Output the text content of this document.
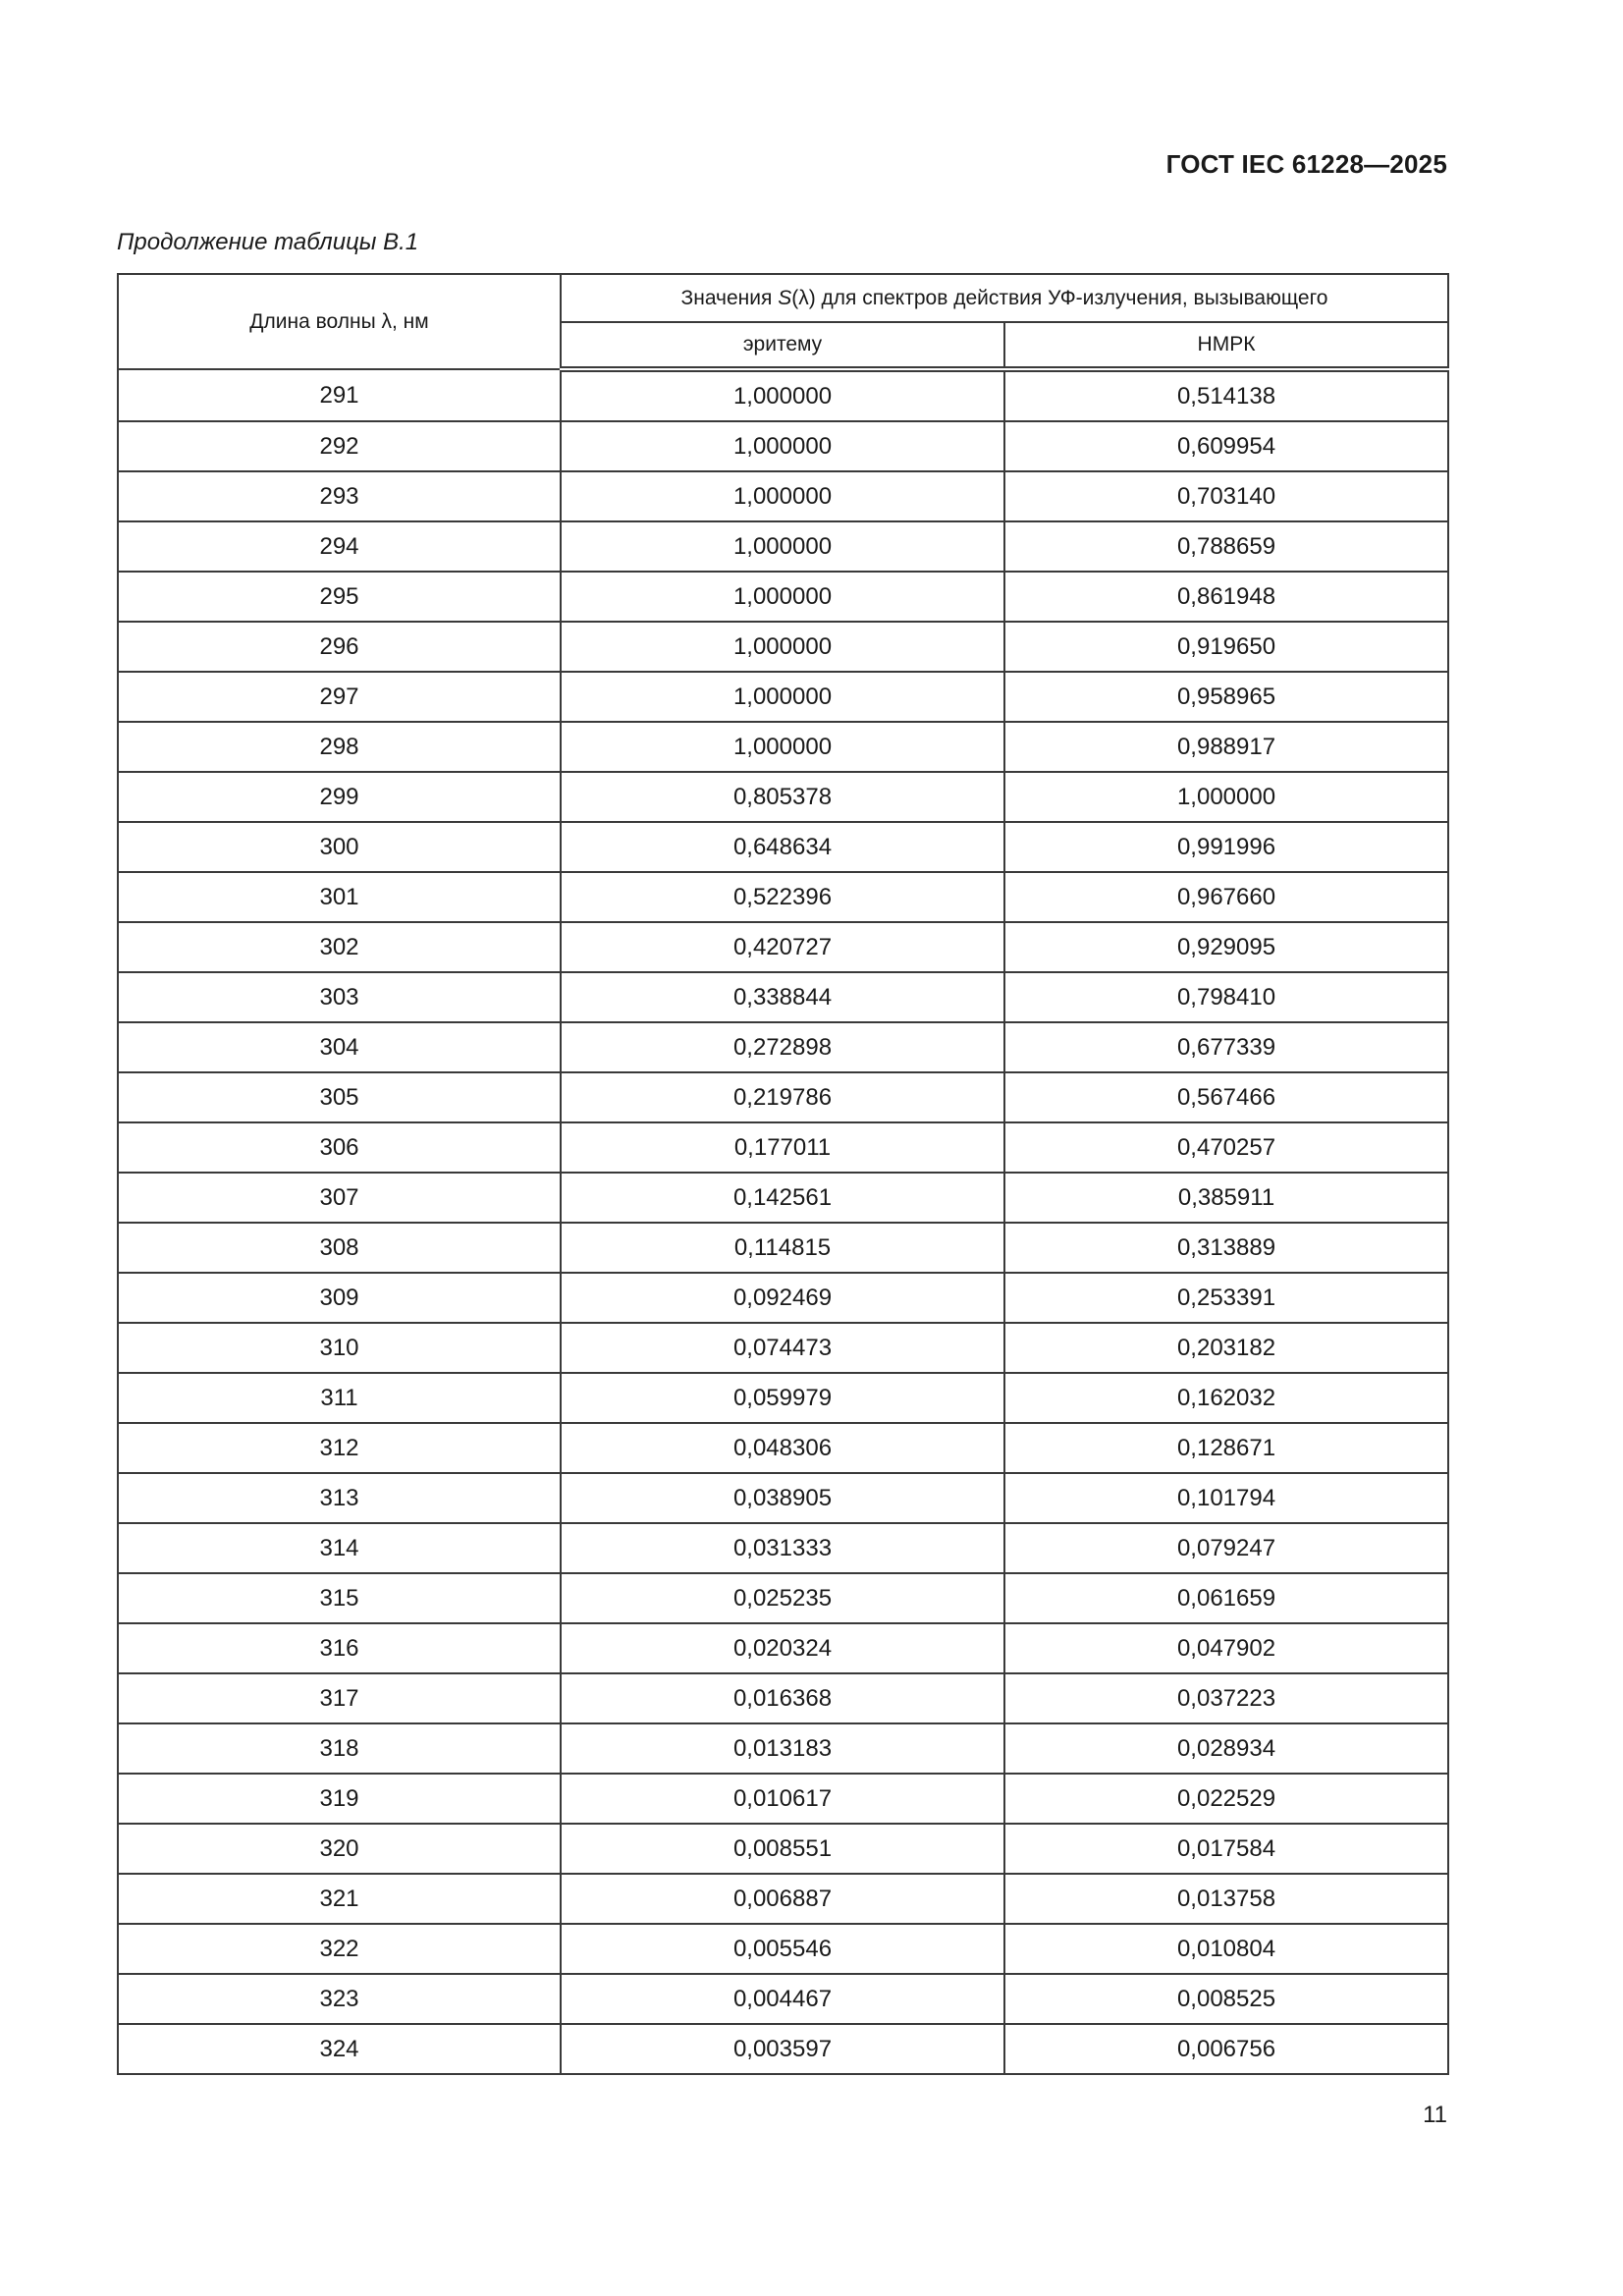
ГОСТ IEC 61228—2025
Продолжение таблицы В.1
Длина волны λ, нм	Значения S(λ) для спектров действия УФ-излучения, вызывающего	
	эритему	НМРК
291	1,000000	0,514138
292	1,000000	0,609954
293	1,000000	0,703140
294	1,000000	0,788659
295	1,000000	0,861948
296	1,000000	0,919650
297	1,000000	0,958965
298	1,000000	0,988917
299	0,805378	1,000000
300	0,648634	0,991996
301	0,522396	0,967660
302	0,420727	0,929095
303	0,338844	0,798410
304	0,272898	0,677339
305	0,219786	0,567466
306	0,177011	0,470257
307	0,142561	0,385911
308	0,114815	0,313889
309	0,092469	0,253391
310	0,074473	0,203182
311	0,059979	0,162032
312	0,048306	0,128671
313	0,038905	0,101794
314	0,031333	0,079247
315	0,025235	0,061659
316	0,020324	0,047902
317	0,016368	0,037223
318	0,013183	0,028934
319	0,010617	0,022529
320	0,008551	0,017584
321	0,006887	0,013758
322	0,005546	0,010804
323	0,004467	0,008525
324	0,003597	0,006756
11
